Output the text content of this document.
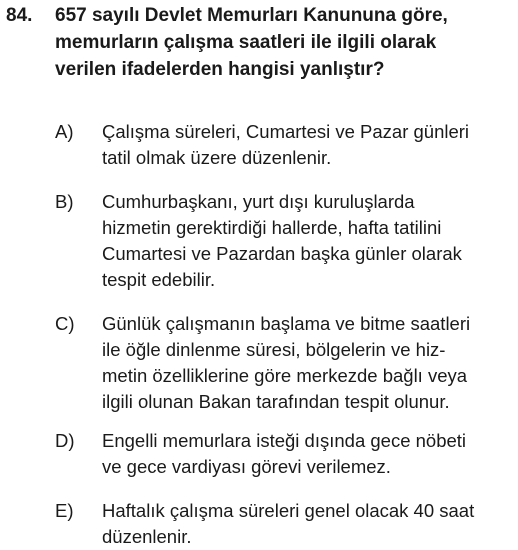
84. 657 sayılı Devlet Memurları Kanununa göre,
memurların çalışma saatleri ile ilgili olarak
verilen ifadelerden hangisi yanlıştır?
A) Çalışma süreleri, Cumartesi ve Pazar günleri
tatil olmak üzere düzenlenir.
B) Cumhurbaşkanı, yurt dışı kuruluşlarda
hizmetin gerektirdiği hallerde, hafta tatilini
Cumartesi ve Pazardan başka günler olarak
tespit edebilir.
C) Günlük çalışmanın başlama ve bitme saatleri
ile öğle dinlenme süresi, bölgelerin ve hiz-
metin özelliklerine göre merkezde bağlı veya
ilgili olunan Bakan tarafından tespit olunur.
D) Engelli memurlara isteği dışında gece nöbeti
ve gece vardiyası görevi verilemez.
E) Haftalık çalışma süreleri genel olacak 40 saat
düzenlenir.
